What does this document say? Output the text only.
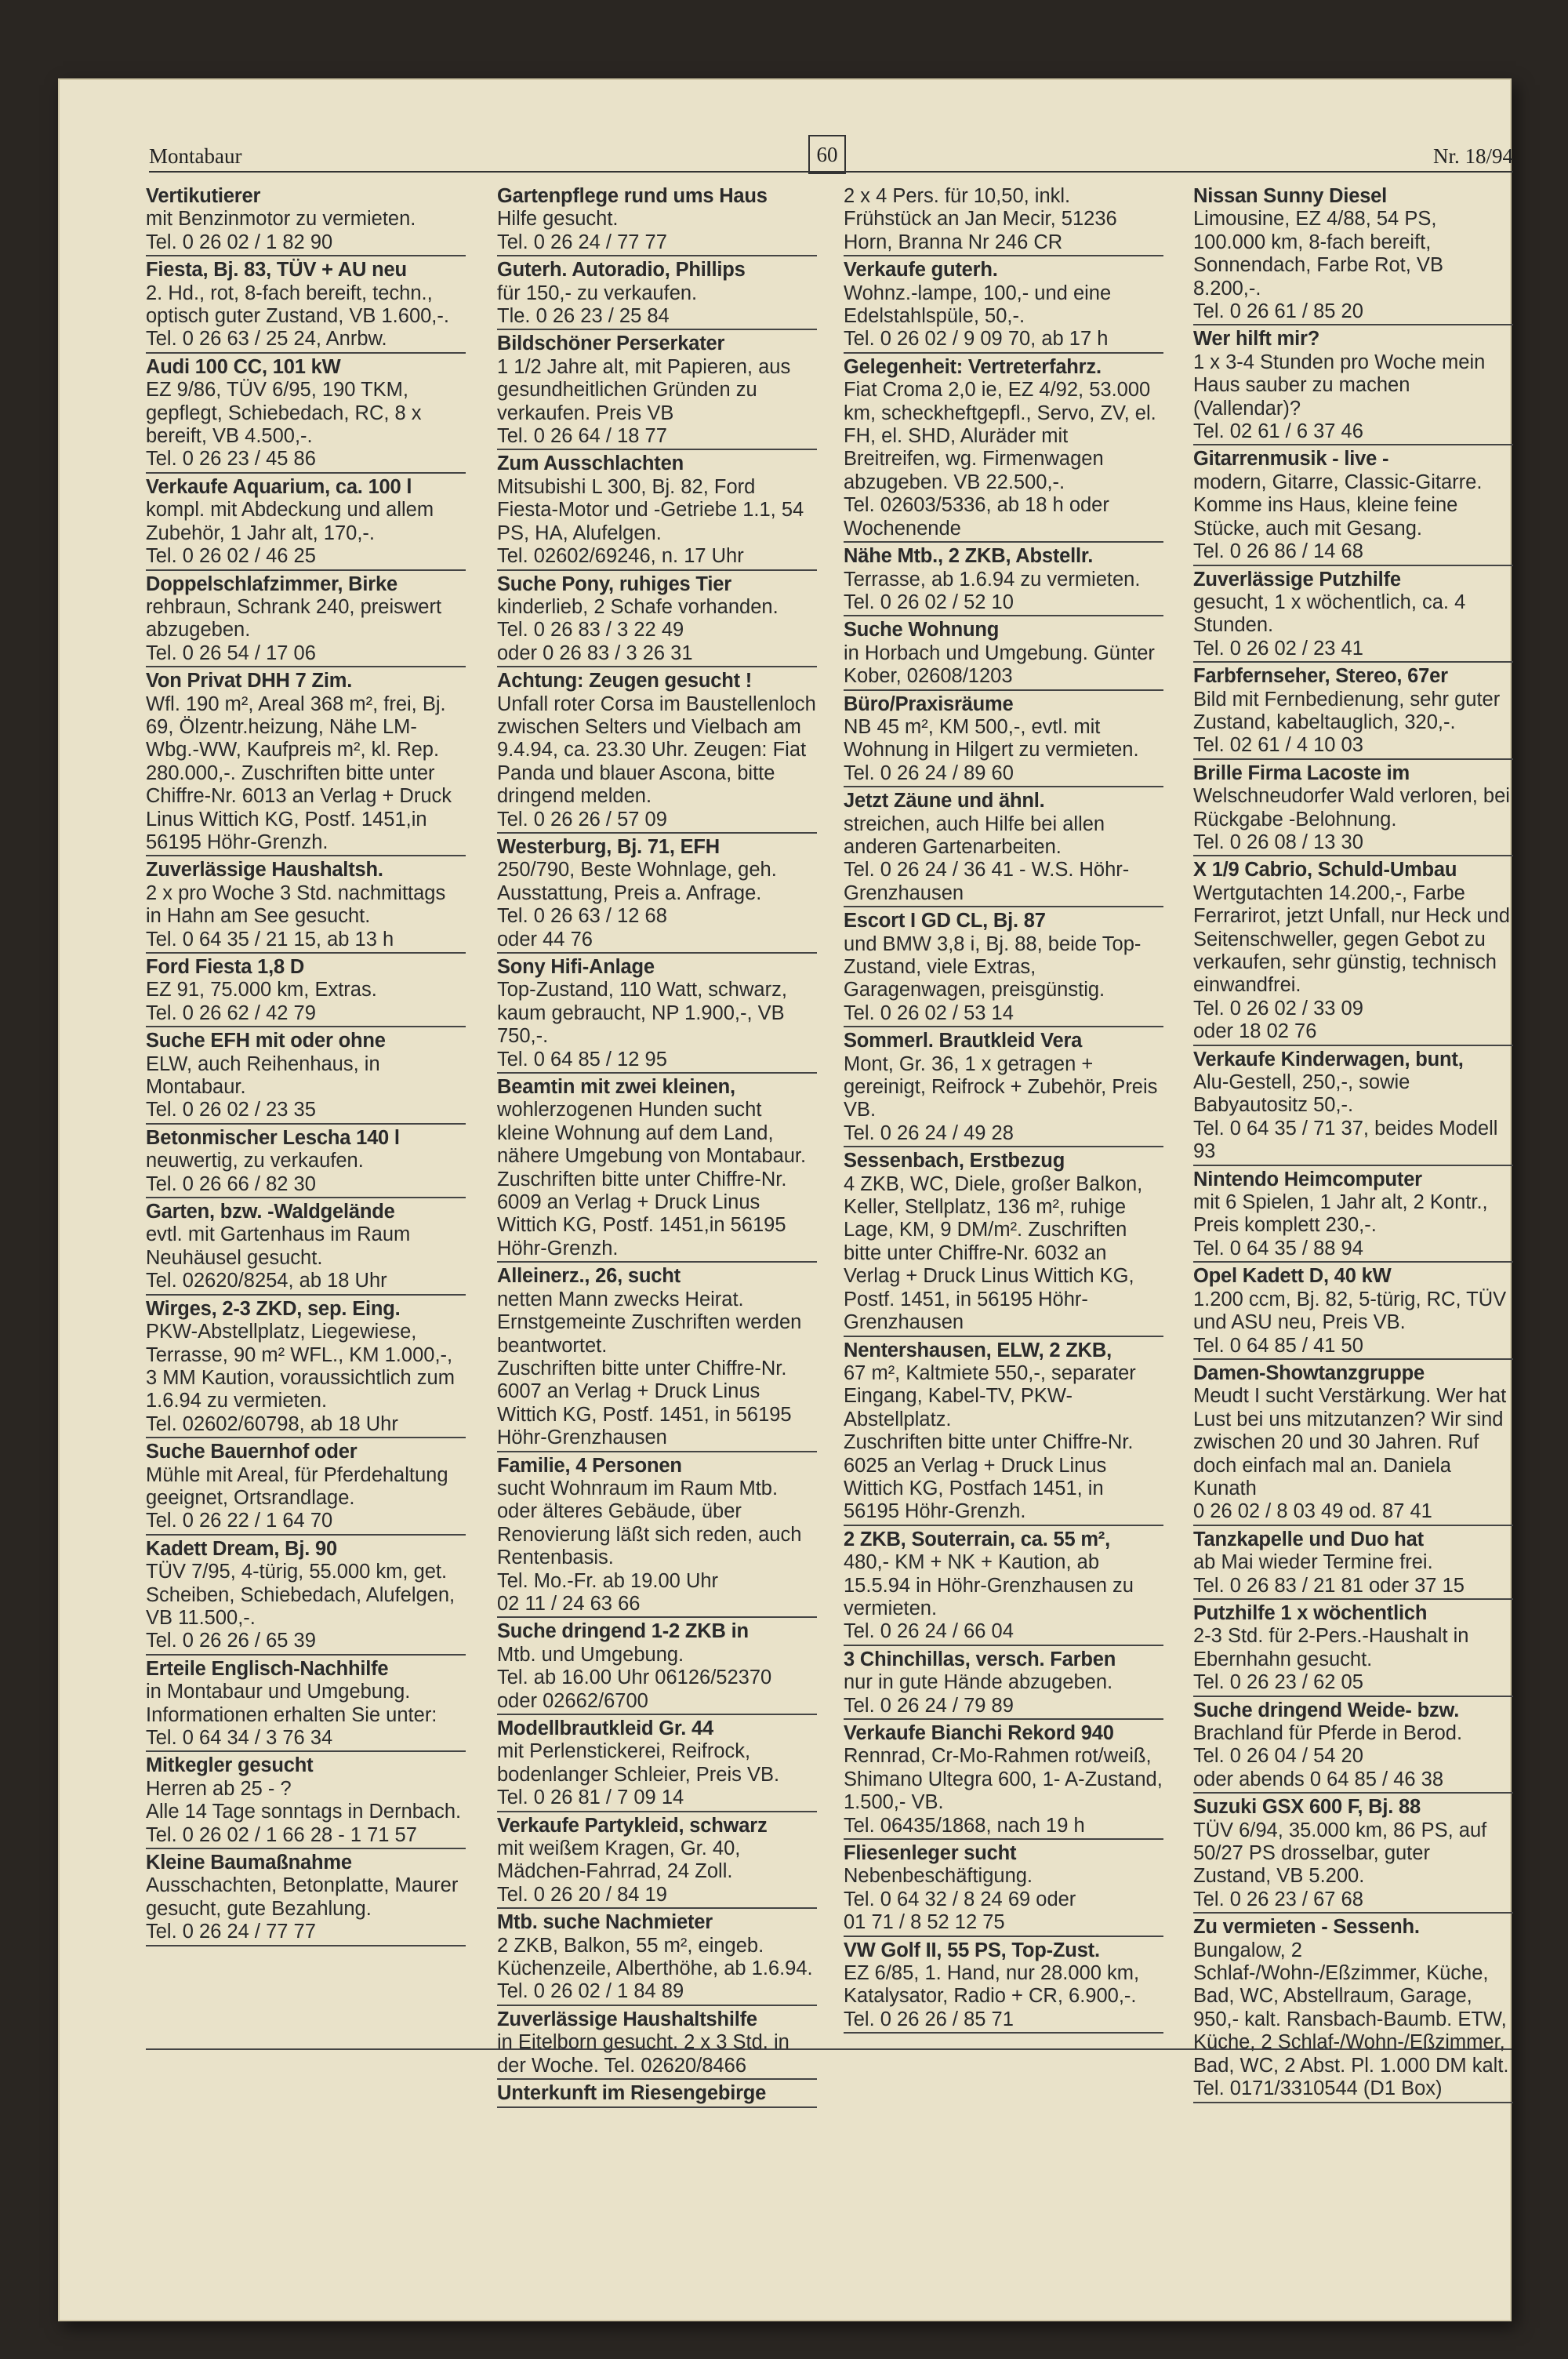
Montabaur	60	Nr. 18/94
Vertikutierer
mit Benzinmotor zu vermieten.
Tel. 0 26 02 / 1 82 90
Fiesta, Bj. 83, TÜV + AU neu
2. Hd., rot, 8-fach bereift, techn., optisch guter Zustand, VB 1.600,-.
Tel. 0 26 63 / 25 24, Anrbw.
Audi 100 CC, 101 kW
EZ 9/86, TÜV 6/95, 190 TKM, gepflegt, Schiebedach, RC, 8 x bereift, VB 4.500,-.
Tel. 0 26 23 / 45 86
Verkaufe Aquarium, ca. 100 l
kompl. mit Abdeckung und allem Zubehör, 1 Jahr alt, 170,-.
Tel. 0 26 02 / 46 25
Doppelschlafzimmer, Birke
rehbraun, Schrank 240, preiswert abzugeben.
Tel. 0 26 54 / 17 06
Von Privat DHH 7 Zim.
Wfl. 190 m², Areal 368 m², frei, Bj. 69, Ölzentr.heizung, Nähe LM-Wbg.-WW, Kaufpreis m², kl. Rep. 280.000,-. Zuschriften bitte unter Chiffre-Nr. 6013 an Verlag + Druck Linus Wittich KG, Postf. 1451,in 56195 Höhr-Grenzh.
Zuverlässige Haushaltsh.
2 x pro Woche 3 Std. nachmittags in Hahn am See gesucht.
Tel. 0 64 35 / 21 15, ab 13 h
Ford Fiesta 1,8 D
EZ 91, 75.000 km, Extras.
Tel. 0 26 62 / 42 79
Suche EFH mit oder ohne
ELW, auch Reihenhaus, in Montabaur.
Tel. 0 26 02 / 23 35
Betonmischer Lescha 140 l
neuwertig, zu verkaufen.
Tel. 0 26 66 / 82 30
Garten, bzw. -Waldgelände
evtl. mit Gartenhaus im Raum Neuhäusel gesucht.
Tel. 02620/8254, ab 18 Uhr
Wirges, 2-3 ZKD, sep. Eing.
PKW-Abstellplatz, Liegewiese, Terrasse, 90 m² WFL., KM 1.000,-, 3 MM Kaution, voraussichtlich zum 1.6.94 zu vermieten.
Tel. 02602/60798, ab 18 Uhr
Suche Bauernhof oder
Mühle mit Areal, für Pferdehaltung geeignet, Ortsrandlage.
Tel. 0 26 22 / 1 64 70
Kadett Dream, Bj. 90
TÜV 7/95, 4-türig, 55.000 km, get. Scheiben, Schiebedach, Alufelgen, VB 11.500,-.
Tel. 0 26 26 / 65 39
Erteile Englisch-Nachhilfe
in Montabaur und Umgebung. Informationen erhalten Sie unter:
Tel. 0 64 34 / 3 76 34
Mitkegler gesucht
Herren ab 25 - ?
Alle 14 Tage sonntags in Dernbach.
Tel. 0 26 02 / 1 66 28 - 1 71 57
Kleine Baumaßnahme
Ausschachten, Betonplatte, Maurer gesucht, gute Bezahlung.
Tel. 0 26 24 / 77 77
Gartenpflege rund ums Haus
Hilfe gesucht.
Tel. 0 26 24 / 77 77
Guterh. Autoradio, Phillips
für 150,- zu verkaufen.
Tle. 0 26 23 / 25 84
Bildschöner Perserkater
1 1/2 Jahre alt, mit Papieren, aus gesundheitlichen Gründen zu verkaufen. Preis VB
Tel. 0 26 64 / 18 77
Zum Ausschlachten
Mitsubishi L 300, Bj. 82, Ford Fiesta-Motor und -Getriebe 1.1, 54 PS, HA, Alufelgen.
Tel. 02602/69246, n. 17 Uhr
Suche Pony, ruhiges Tier
kinderlieb, 2 Schafe vorhanden.
Tel. 0 26 83 / 3 22 49
oder 0 26 83 / 3 26 31
Achtung: Zeugen gesucht !
Unfall roter Corsa im Baustellenloch zwischen Selters und Vielbach am 9.4.94, ca. 23.30 Uhr. Zeugen: Fiat Panda und blauer Ascona, bitte dringend melden.
Tel. 0 26 26 / 57 09
Westerburg, Bj. 71, EFH
250/790, Beste Wohnlage, geh. Ausstattung, Preis a. Anfrage.
Tel. 0 26 63 / 12 68
oder 44 76
Sony Hifi-Anlage
Top-Zustand, 110 Watt, schwarz, kaum gebraucht, NP 1.900,-, VB 750,-.
Tel. 0 64 85 / 12 95
Beamtin mit zwei kleinen,
wohlerzogenen Hunden sucht kleine Wohnung auf dem Land, nähere Umgebung von Montabaur. Zuschriften bitte unter Chiffre-Nr. 6009 an Verlag + Druck Linus Wittich KG, Postf. 1451,in 56195 Höhr-Grenzh.
Alleinerz., 26, sucht
netten Mann zwecks Heirat. Ernstgemeinte Zuschriften werden beantwortet.
Zuschriften bitte unter Chiffre-Nr. 6007 an Verlag + Druck Linus Wittich KG, Postf. 1451, in 56195 Höhr-Grenzhausen
Familie, 4 Personen
sucht Wohnraum im Raum Mtb. oder älteres Gebäude, über Renovierung läßt sich reden, auch Rentenbasis.
Tel. Mo.-Fr. ab 19.00 Uhr
02 11 / 24 63 66
Suche dringend 1-2 ZKB in
Mtb. und Umgebung.
Tel. ab 16.00 Uhr 06126/52370
oder 02662/6700
Modellbrautkleid Gr. 44
mit Perlenstickerei, Reifrock, bodenlanger Schleier, Preis VB.
Tel. 0 26 81 / 7 09 14
Verkaufe Partykleid, schwarz
mit weißem Kragen, Gr. 40, Mädchen-Fahrrad, 24 Zoll.
Tel. 0 26 20 / 84 19
Mtb. suche Nachmieter
2 ZKB, Balkon, 55 m², eingeb. Küchenzeile, Alberthöhe, ab 1.6.94.
Tel. 0 26 02 / 1 84 89
Zuverlässige Haushaltshilfe
in Eitelborn gesucht. 2 x 3 Std. in der Woche. Tel. 02620/8466
Unterkunft im Riesengebirge
2 x 4 Pers. für 10,50, inkl. Frühstück an Jan Mecir, 51236 Horn, Branna Nr 246 CR
Verkaufe guterh.
Wohnz.-lampe, 100,- und eine Edelstahlspüle, 50,-.
Tel. 0 26 02 / 9 09 70, ab 17 h
Gelegenheit: Vertreterfahrz.
Fiat Croma 2,0 ie, EZ 4/92, 53.000 km, scheckheftgepfl., Servo, ZV, el. FH, el. SHD, Aluräder mit Breitreifen, wg. Firmenwagen abzugeben. VB 22.500,-.
Tel. 02603/5336, ab 18 h oder Wochenende
Nähe Mtb., 2 ZKB, Abstellr.
Terrasse, ab 1.6.94 zu vermieten.
Tel. 0 26 02 / 52 10
Suche Wohnung
in Horbach und Umgebung. Günter Kober, 02608/1203
Büro/Praxisräume
NB 45 m², KM 500,-, evtl. mit Wohnung in Hilgert zu vermieten.
Tel. 0 26 24 / 89 60
Jetzt Zäune und ähnl.
streichen, auch Hilfe bei allen anderen Gartenarbeiten.
Tel. 0 26 24 / 36 41 - W.S. Höhr-Grenzhausen
Escort I GD CL, Bj. 87
und BMW 3,8 i, Bj. 88, beide Top-Zustand, viele Extras, Garagenwagen, preisgünstig.
Tel. 0 26 02 / 53 14
Sommerl. Brautkleid Vera
Mont, Gr. 36, 1 x getragen + gereinigt, Reifrock + Zubehör, Preis VB.
Tel. 0 26 24 / 49 28
Sessenbach, Erstbezug
4 ZKB, WC, Diele, großer Balkon, Keller, Stellplatz, 136 m², ruhige Lage, KM, 9 DM/m². Zuschriften bitte unter Chiffre-Nr. 6032 an Verlag + Druck Linus Wittich KG, Postf. 1451, in 56195 Höhr-Grenzhausen
Nentershausen, ELW, 2 ZKB,
67 m², Kaltmiete 550,-, separater Eingang, Kabel-TV, PKW-Abstellplatz.
Zuschriften bitte unter Chiffre-Nr. 6025 an Verlag + Druck Linus Wittich KG, Postfach 1451, in 56195 Höhr-Grenzh.
2 ZKB, Souterrain, ca. 55 m²,
480,- KM + NK + Kaution, ab 15.5.94 in Höhr-Grenzhausen zu vermieten.
Tel. 0 26 24 / 66 04
3 Chinchillas, versch. Farben
nur in gute Hände abzugeben.
Tel. 0 26 24 / 79 89
Verkaufe Bianchi Rekord 940
Rennrad, Cr-Mo-Rahmen rot/weiß, Shimano Ultegra 600, 1- A-Zustand, 1.500,- VB.
Tel. 06435/1868, nach 19 h
Fliesenleger sucht
Nebenbeschäftigung.
Tel. 0 64 32 / 8 24 69 oder
01 71 / 8 52 12 75
VW Golf II, 55 PS, Top-Zust.
EZ 6/85, 1. Hand, nur 28.000 km, Katalysator, Radio + CR, 6.900,-.
Tel. 0 26 26 / 85 71
Nissan Sunny Diesel
Limousine, EZ 4/88, 54 PS, 100.000 km, 8-fach bereift, Sonnendach, Farbe Rot, VB 8.200,-.
Tel. 0 26 61 / 85 20
Wer hilft mir?
1 x 3-4 Stunden pro Woche mein Haus sauber zu machen (Vallendar)?
Tel. 02 61 / 6 37 46
Gitarrenmusik - live -
modern, Gitarre, Classic-Gitarre. Komme ins Haus, kleine feine Stücke, auch mit Gesang.
Tel. 0 26 86 / 14 68
Zuverlässige Putzhilfe
gesucht, 1 x wöchentlich, ca. 4 Stunden.
Tel. 0 26 02 / 23 41
Farbfernseher, Stereo, 67er
Bild mit Fernbedienung, sehr guter Zustand, kabeltauglich, 320,-.
Tel. 02 61 / 4 10 03
Brille Firma Lacoste im
Welschneudorfer Wald verloren, bei Rückgabe -Belohnung.
Tel. 0 26 08 / 13 30
X 1/9 Cabrio, Schuld-Umbau
Wertgutachten 14.200,-, Farbe Ferrarirot, jetzt Unfall, nur Heck und Seitenschweller, gegen Gebot zu verkaufen, sehr günstig, technisch einwandfrei.
Tel. 0 26 02 / 33 09
oder 18 02 76
Verkaufe Kinderwagen, bunt,
Alu-Gestell, 250,-, sowie Babyautositz 50,-.
Tel. 0 64 35 / 71 37, beides Modell 93
Nintendo Heimcomputer
mit 6 Spielen, 1 Jahr alt, 2 Kontr., Preis komplett 230,-.
Tel. 0 64 35 / 88 94
Opel Kadett D, 40 kW
1.200 ccm, Bj. 82, 5-türig, RC, TÜV und ASU neu, Preis VB.
Tel. 0 64 85 / 41 50
Damen-Showtanzgruppe
Meudt I sucht Verstärkung. Wer hat Lust bei uns mitzutanzen? Wir sind zwischen 20 und 30 Jahren. Ruf doch einfach mal an. Daniela Kunath
0 26 02 / 8 03 49 od. 87 41
Tanzkapelle und Duo hat
ab Mai wieder Termine frei.
Tel. 0 26 83 / 21 81 oder 37 15
Putzhilfe 1 x wöchentlich
2-3 Std. für 2-Pers.-Haushalt in Ebernhahn gesucht.
Tel. 0 26 23 / 62 05
Suche dringend Weide- bzw.
Brachland für Pferde in Berod.
Tel. 0 26 04 / 54 20
oder abends 0 64 85 / 46 38
Suzuki GSX 600 F, Bj. 88
TÜV 6/94, 35.000 km, 86 PS, auf 50/27 PS drosselbar, guter Zustand, VB 5.200.
Tel. 0 26 23 / 67 68
Zu vermieten - Sessenh.
Bungalow, 2 Schlaf-/Wohn-/Eßzimmer, Küche, Bad, WC, Abstellraum, Garage, 950,- kalt. Ransbach-Baumb. ETW, Küche, 2 Schlaf-/Wohn-/Eßzimmer, Bad, WC, 2 Abst. Pl. 1.000 DM kalt.
Tel. 0171/3310544 (D1 Box)
